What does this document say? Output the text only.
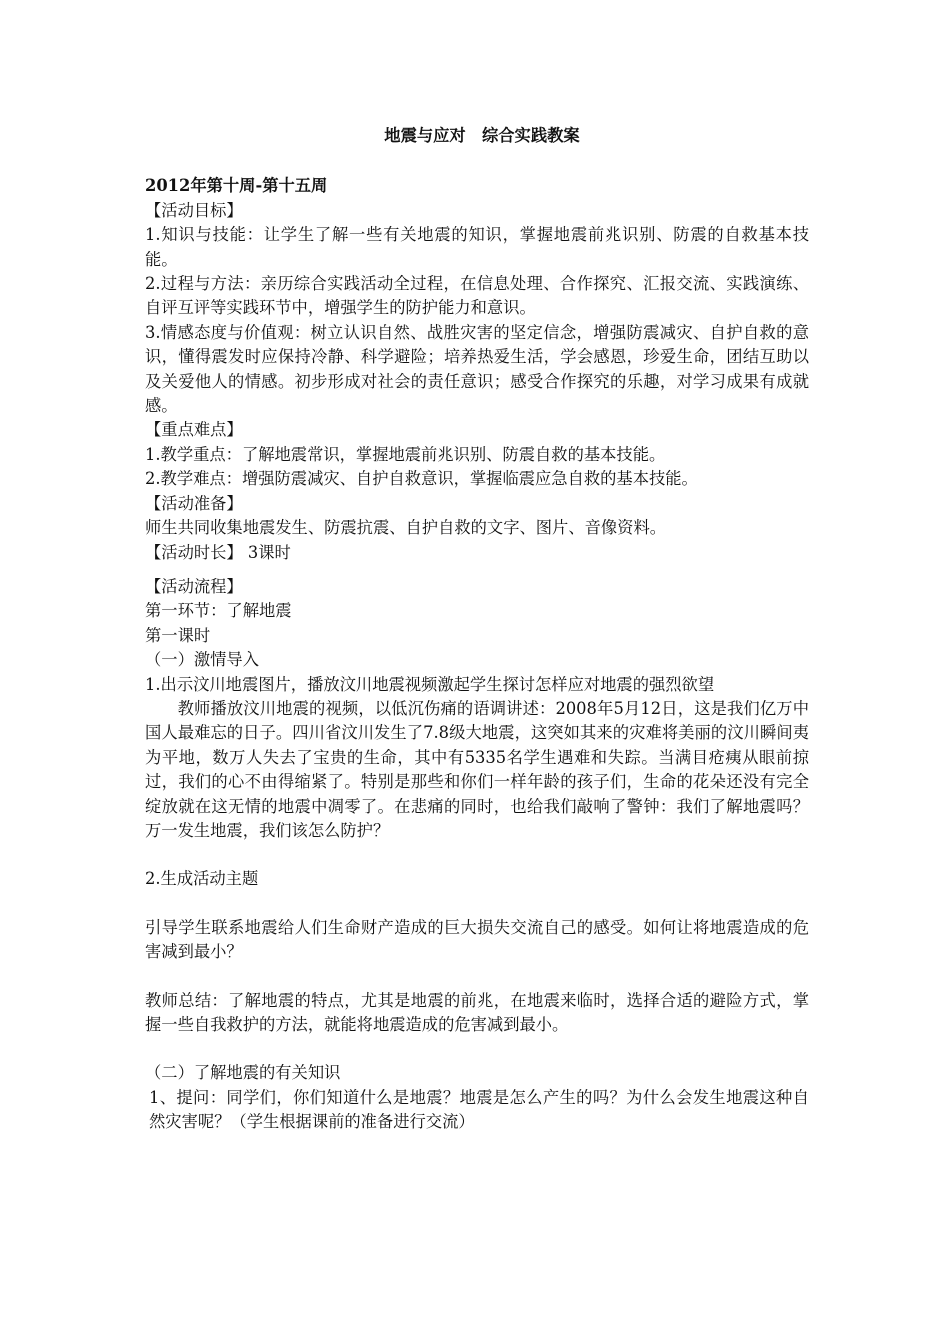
地震与应对　综合实践教案

2012年第十周-第十五周

【活动目标】

1.知识与技能：让学生了解一些有关地震的知识，掌握地震前兆识别、防震的自救基本技能。

2.过程与方法：亲历综合实践活动全过程，在信息处理、合作探究、汇报交流、实践演练、自评互评等实践环节中，增强学生的防护能力和意识。

3.情感态度与价值观：树立认识自然、战胜灾害的坚定信念，增强防震减灾、自护自救的意识，懂得震发时应保持冷静、科学避险；培养热爱生活，学会感恩，珍爱生命，团结互助以及关爱他人的情感。初步形成对社会的责任意识；感受合作探究的乐趣，对学习成果有成就感。

【重点难点】

1.教学重点：了解地震常识，掌握地震前兆识别、防震自救的基本技能。

2.教学难点：增强防震减灾、自护自救意识，掌握临震应急自救的基本技能。

【活动准备】

师生共同收集地震发生、防震抗震、自护自救的文字、图片、音像资料。

【活动时长】 3课时

【活动流程】

第一环节：了解地震

第一课时

（一）激情导入

1.出示汶川地震图片，播放汶川地震视频激起学生探讨怎样应对地震的强烈欲望

教师播放汶川地震的视频，以低沉伤痛的语调讲述：2008年5月12日，这是我们亿万中国人最难忘的日子。四川省汶川发生了7.8级大地震，这突如其来的灾难将美丽的汶川瞬间夷为平地，数万人失去了宝贵的生命，其中有5335名学生遇难和失踪。当满目疮痍从眼前掠过，我们的心不由得缩紧了。特别是那些和你们一样年龄的孩子们，生命的花朵还没有完全绽放就在这无情的地震中凋零了。在悲痛的同时，也给我们敲响了警钟：我们了解地震吗？万一发生地震，我们该怎么防护？

2.生成活动主题

引导学生联系地震给人们生命财产造成的巨大损失交流自己的感受。如何让将地震造成的危害减到最小？

教师总结：了解地震的特点，尤其是地震的前兆，在地震来临时，选择合适的避险方式，掌握一些自我救护的方法，就能将地震造成的危害减到最小。

（二）了解地震的有关知识

1、提问：同学们，你们知道什么是地震？地震是怎么产生的吗？为什么会发生地震这种自然灾害呢？（学生根据课前的准备进行交流）
